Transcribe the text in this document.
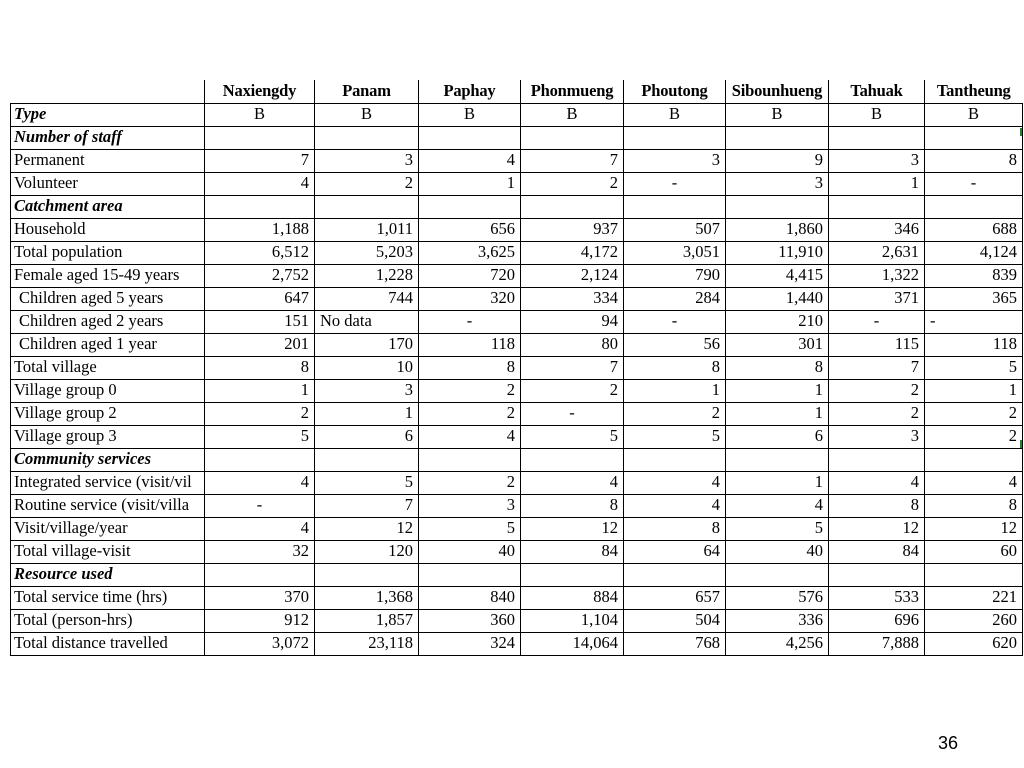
	Naxiengdy	Panam	Paphay	Phonmueng	Phoutong	Sibounhueng	Tahuak	Tantheung
Type	B	B	B	B	B	B	B	B
Number of staff								
Permanent	7	3	4	7	3	9	3	8
Volunteer	4	2	1	2	-	3	1	-
Catchment area								
Household	1,188	1,011	656	937	507	1,860	346	688
Total population	6,512	5,203	3,625	4,172	3,051	11,910	2,631	4,124
Female aged 15-49 years	2,752	1,228	720	2,124	790	4,415	1,322	839
Children aged 5 years	647	744	320	334	284	1,440	371	365
Children aged 2 years	151	No data	-	94	-	210	-	-
Children aged 1 year	201	170	118	80	56	301	115	118
Total village	8	10	8	7	8	8	7	5
Village group 0	1	3	2	2	1	1	2	1
Village group 2	2	1	2	-	2	1	2	2
Village group 3	5	6	4	5	5	6	3	2
Community services								
Integrated service (visit/vil	4	5	2	4	4	1	4	4
Routine service (visit/villa	-	7	3	8	4	4	8	8
Visit/village/year	4	12	5	12	8	5	12	12
Total village-visit	32	120	40	84	64	40	84	60
Resource used								
Total service time (hrs)	370	1,368	840	884	657	576	533	221
Total (person-hrs)	912	1,857	360	1,104	504	336	696	260
Total distance travelled	3,072	23,118	324	14,064	768	4,256	7,888	620
36
